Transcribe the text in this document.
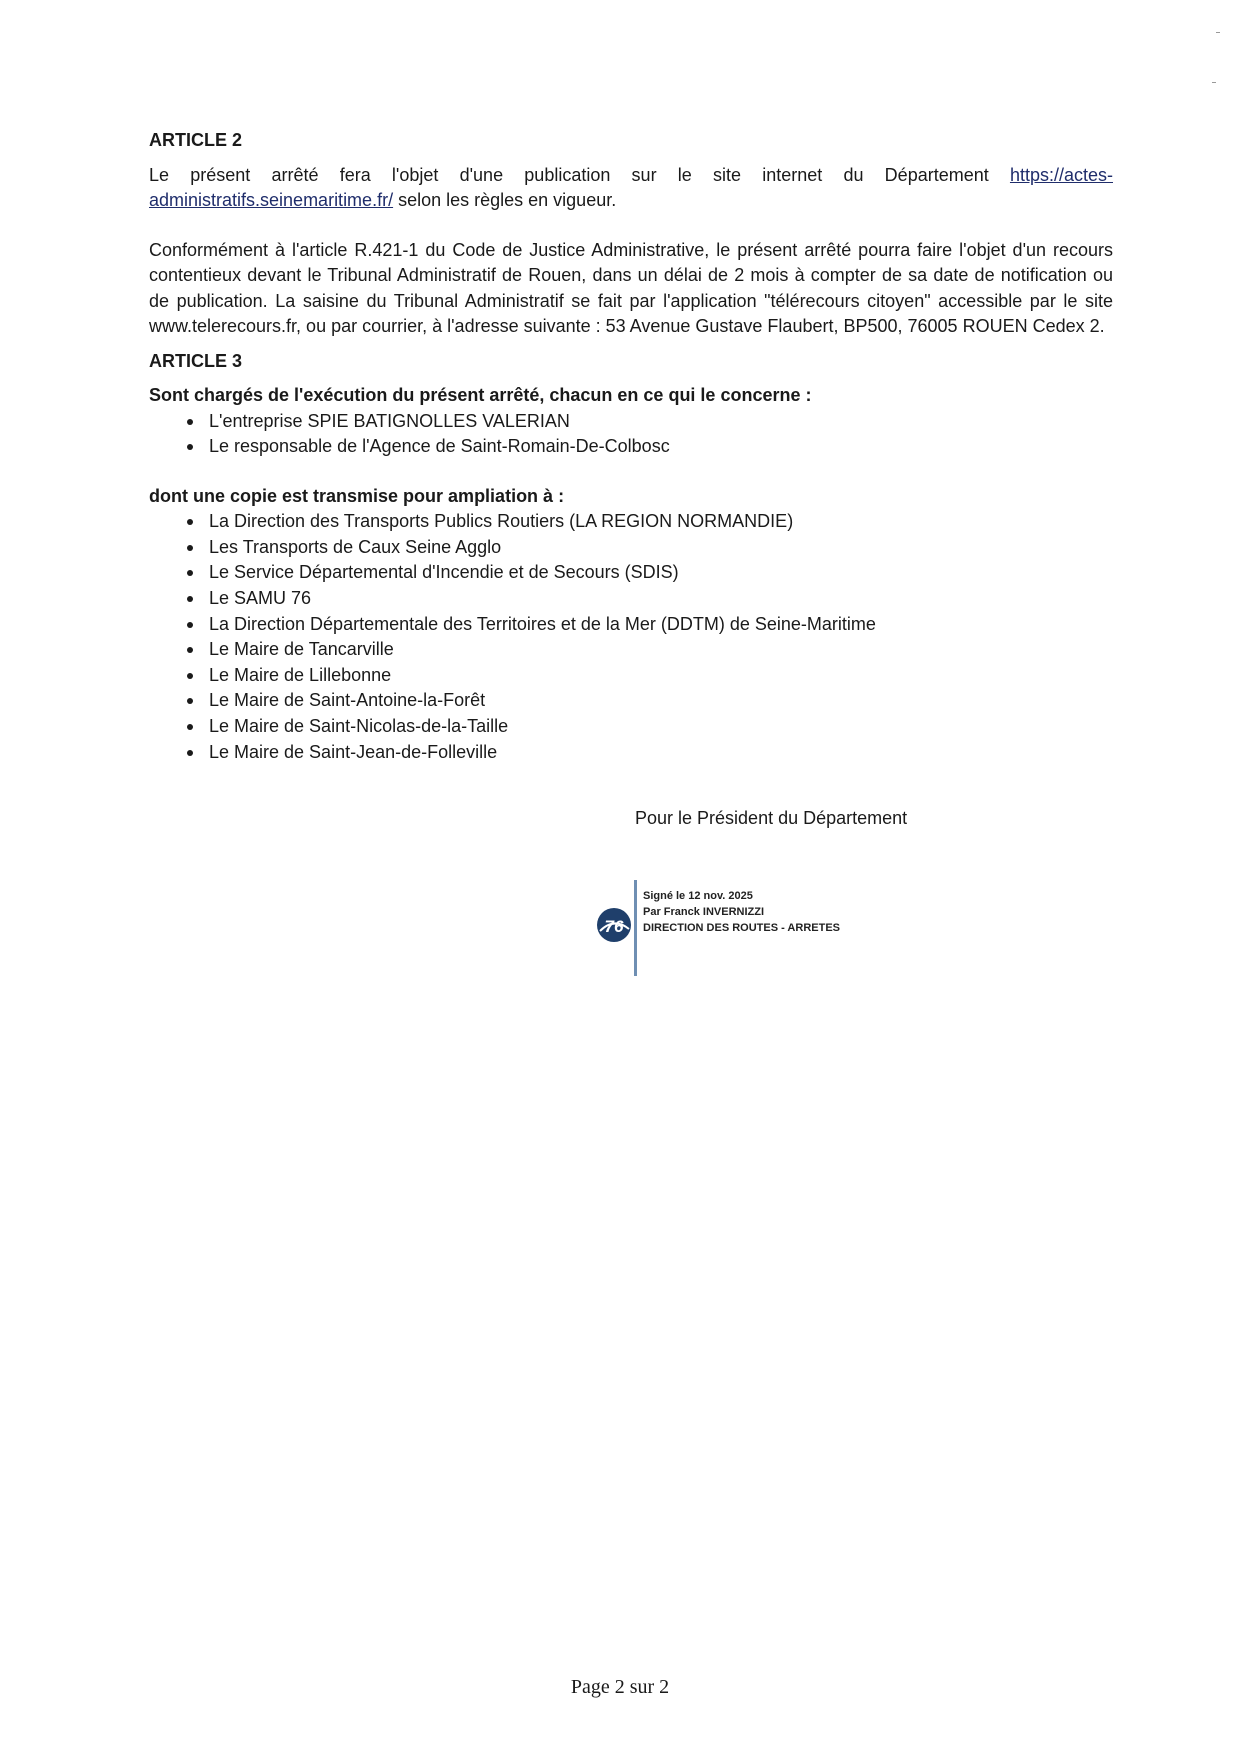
ARTICLE 2

Le présent arrêté fera l'objet d'une publication sur le site internet du Département https://actes-administratifs.seinemaritime.fr/ selon les règles en vigueur.

Conformément à l'article R.421-1 du Code de Justice Administrative, le présent arrêté pourra faire l'objet d'un recours contentieux devant le Tribunal Administratif de Rouen, dans un délai de 2 mois à compter de sa date de notification ou de publication. La saisine du Tribunal Administratif se fait par l'application "télérecours citoyen" accessible par le site www.telerecours.fr, ou par courrier, à l'adresse suivante : 53 Avenue Gustave Flaubert, BP500, 76005 ROUEN Cedex 2.

ARTICLE 3

Sont chargés de l'exécution du présent arrêté, chacun en ce qui le concerne :

L'entreprise SPIE BATIGNOLLES VALERIAN
Le responsable de l'Agence de Saint-Romain-De-Colbosc

dont une copie est transmise pour ampliation à :

La Direction des Transports Publics Routiers (LA REGION NORMANDIE)
Les Transports de Caux Seine Agglo
Le Service Départemental d'Incendie et de Secours (SDIS)
Le SAMU 76
La Direction Départementale des Territoires et de la Mer (DDTM) de Seine-Maritime
Le Maire de Tancarville
Le Maire de Lillebonne
Le Maire de Saint-Antoine-la-Forêt
Le Maire de Saint-Nicolas-de-la-Taille
Le Maire de Saint-Jean-de-Folleville
Pour le Président du Département
76
Signé le 12 nov. 2025
Par Franck INVERNIZZI
DIRECTION DES ROUTES - ARRETES
Page 2 sur 2
